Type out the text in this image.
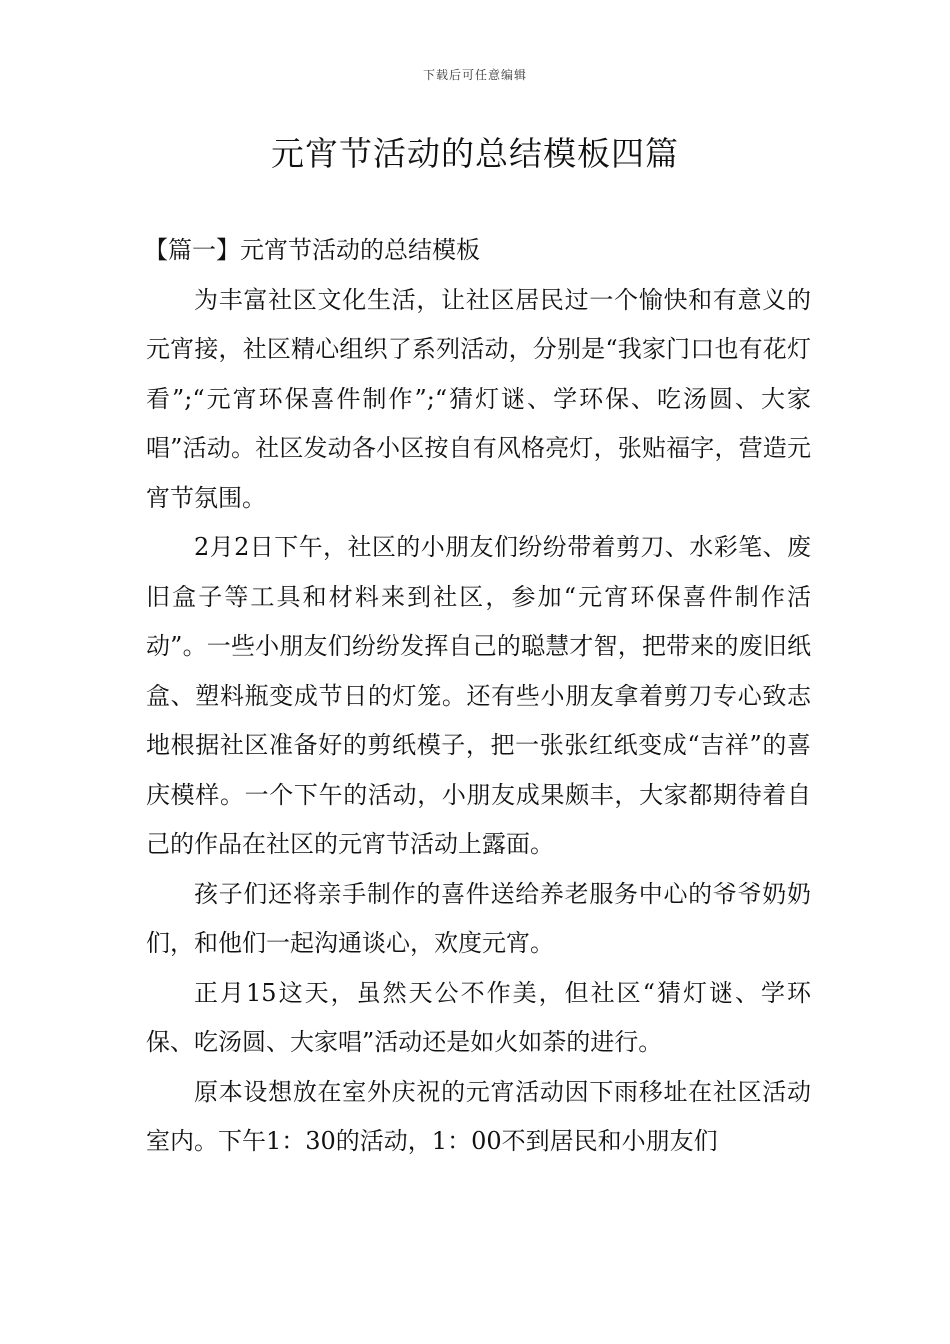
下载后可任意编辑
元宵节活动的总结模板四篇

【篇一】元宵节活动的总结模板

为丰富社区文化生活，让社区居民过一个愉快和有意义的元宵接，社区精心组织了系列活动，分别是“我家门口也有花灯看”;“元宵环保喜件制作”;“猜灯谜、学环保、吃汤圆、大家唱”活动。社区发动各小区按自有风格亮灯，张贴福字，营造元宵节氛围。

2月2日下午，社区的小朋友们纷纷带着剪刀、水彩笔、废旧盒子等工具和材料来到社区，参加“元宵环保喜件制作活动”。一些小朋友们纷纷发挥自己的聪慧才智，把带来的废旧纸盒、塑料瓶变成节日的灯笼。还有些小朋友拿着剪刀专心致志地根据社区准备好的剪纸模子，把一张张红纸变成“吉祥”的喜庆模样。一个下午的活动，小朋友成果颇丰，大家都期待着自己的作品在社区的元宵节活动上露面。

孩子们还将亲手制作的喜件送给养老服务中心的爷爷奶奶们，和他们一起沟通谈心，欢度元宵。

正月15这天，虽然天公不作美，但社区“猜灯谜、学环保、吃汤圆、大家唱”活动还是如火如荼的进行。

原本设想放在室外庆祝的元宵活动因下雨移址在社区活动室内。下午1：30的活动，1：00不到居民和小朋友们
